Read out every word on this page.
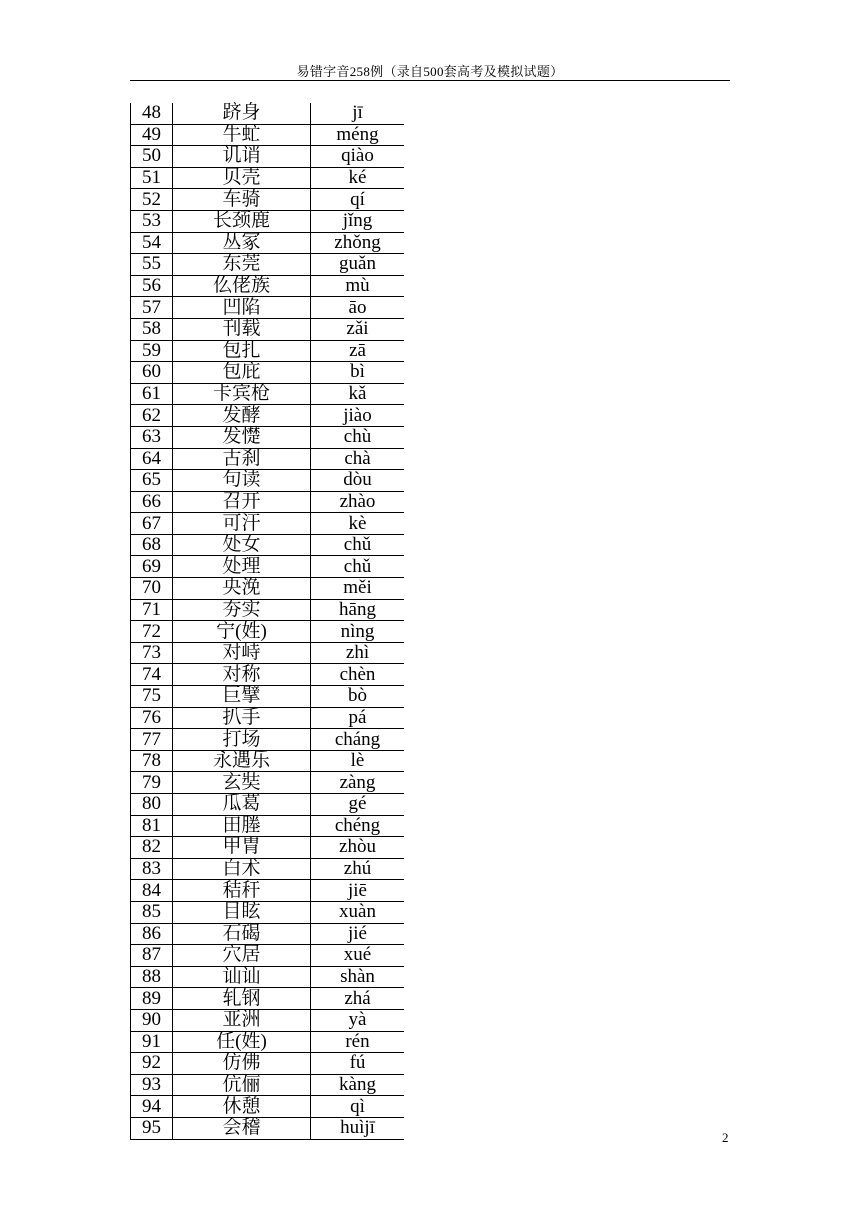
易错字音258例（录自500套高考及模拟试题）
48	跻身	jī
49	牛虻	méng
50	讥诮	qiào
51	贝壳	ké
52	车骑	qí
53	长颈鹿	jǐng
54	丛冢	zhǒng
55	东莞	guǎn
56	仫佬族	mù
57	凹陷	āo
58	刊载	zǎi
59	包扎	zā
60	包庇	bì
61	卡宾枪	kǎ
62	发酵	jiào
63	发憷	chù
64	古刹	chà
65	句读	dòu
66	召开	zhào
67	可汗	kè
68	处女	chǔ
69	处理	chǔ
70	央浼	měi
71	夯实	hāng
72	宁(姓)	nìng
73	对峙	zhì
74	对称	chèn
75	巨擘	bò
76	扒手	pá
77	打场	cháng
78	永遇乐	lè
79	玄奘	zàng
80	瓜葛	gé
81	田塍	chéng
82	甲胄	zhòu
83	白术	zhú
84	秸秆	jiē
85	目眩	xuàn
86	石碣	jié
87	穴居	xué
88	讪讪	shàn
89	轧钢	zhá
90	亚洲	yà
91	任(姓)	rén
92	仿佛	fú
93	伉俪	kàng
94	休憩	qì
95	会稽	huìjī	2
